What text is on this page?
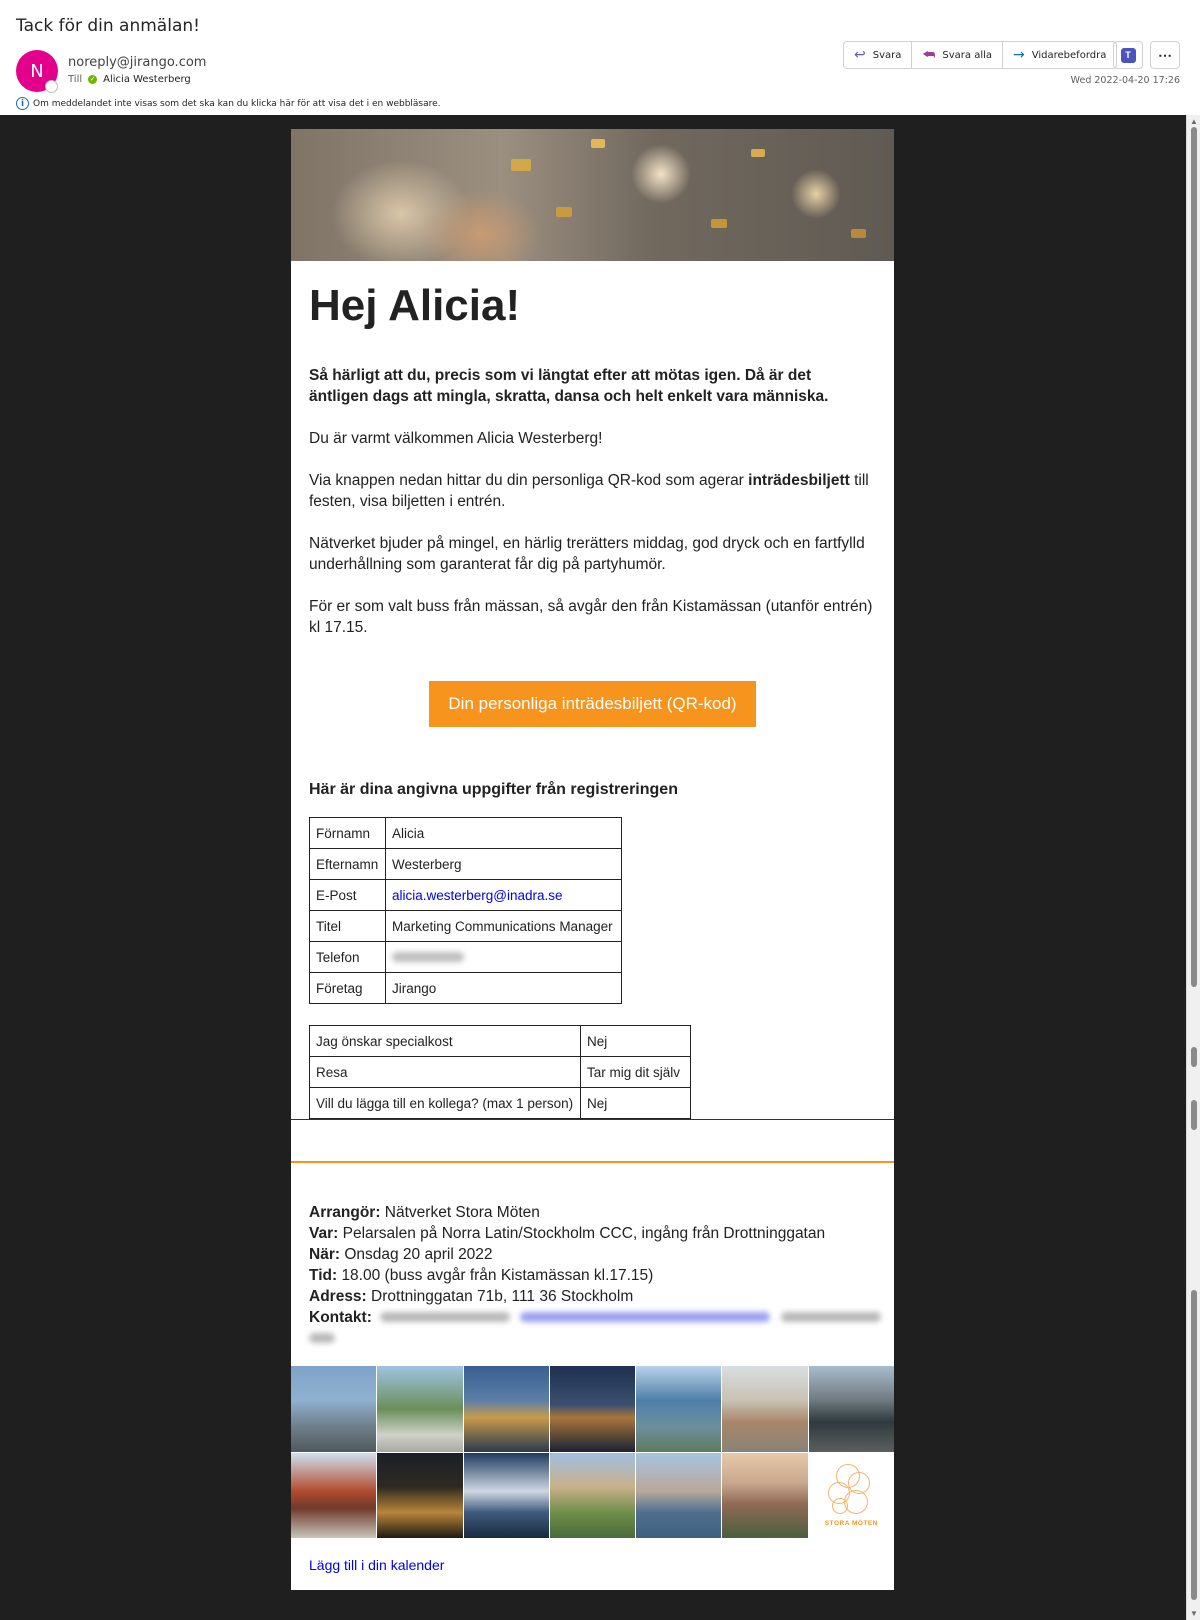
Tack för din anmälan!
N	noreply@jirango.com
Till ✓ Alicia Westerberg
i Om meddelandet inte visas som det ska kan du klicka här för att visa det i en webbläsare.
↩ Svara ⮪ Svara alla → Vidarebefordra	T	⋯
Wed 2022-04-20 17:26
▲
▼
Hej Alicia!
Så härligt att du, precis som vi längtat efter att mötas igen. Då är det äntligen dags att mingla, skratta, dansa och helt enkelt vara människa.
Du är varmt välkommen Alicia Westerberg!
Via knappen nedan hittar du din personliga QR-kod som agerar inträdesbiljett till festen, visa biljetten i entrén.
Nätverket bjuder på mingel, en härlig trerätters middag, god dryck och en fartfylld underhållning som garanterat får dig på partyhumör.
För er som valt buss från mässan, så avgår den från Kistamässan (utanför entrén) kl 17.15.
Din personliga inträdesbiljett (QR-kod)
Här är dina angivna uppgifter från registreringen
Förnamn	Alicia
Efternamn	Westerberg
E-Post	alicia.westerberg@inadra.se
Titel	Marketing Communications Manager
Telefon	
Företag	Jirango
Jag önskar specialkost	Nej
Resa	Tar mig dit själv
Vill du lägga till en kollega? (max 1 person)	Nej
Arrangör: Nätverket Stora Möten
Var: Pelarsalen på Norra Latin/Stockholm CCC, ingång från Drottninggatan
När: Onsdag 20 april 2022
Tid: 18.00 (buss avgår från Kistamässan kl.17.15)
Adress: Drottninggatan 71b, 111 36 Stockholm
Kontakt:
STORA MÖTEN
Lägg till i din kalender
